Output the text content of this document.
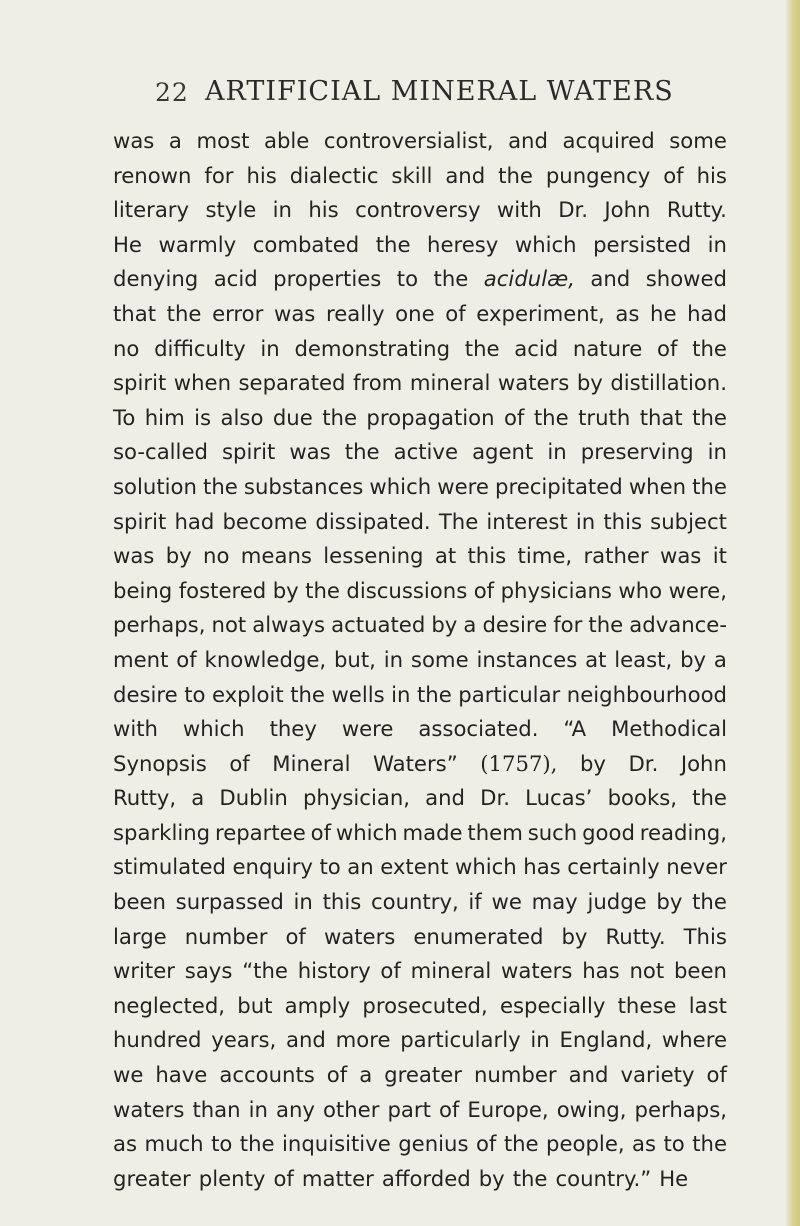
22 ARTIFICIAL MINERAL WATERS
was a most able controversialist, and acquired some
renown for his dialectic skill and the pungency of his
literary style in his controversy with Dr. John Rutty.
He warmly combated the heresy which persisted in
denying acid properties to the acidulæ, and showed
that the error was really one of experiment, as he had
no difficulty in demonstrating the acid nature of the
spirit when separated from mineral waters by distillation.
To him is also due the propagation of the truth that the
so-called spirit was the active agent in preserving in
solution the substances which were precipitated when the
spirit had become dissipated. The interest in this subject
was by no means lessening at this time, rather was it
being fostered by the discussions of physicians who were,
perhaps, not always actuated by a desire for the advance-
ment of knowledge, but, in some instances at least, by a
desire to exploit the wells in the particular neighbourhood
with which they were associated. “A Methodical
Synopsis of Mineral Waters” (1757), by Dr. John
Rutty, a Dublin physician, and Dr. Lucas’ books, the
sparkling repartee of which made them such good reading,
stimulated enquiry to an extent which has certainly never
been surpassed in this country, if we may judge by the
large number of waters enumerated by Rutty. This
writer says “the history of mineral waters has not been
neglected, but amply prosecuted, especially these last
hundred years, and more particularly in England, where
we have accounts of a greater number and variety of
waters than in any other part of Europe, owing, perhaps,
as much to the inquisitive genius of the people, as to the
greater plenty of matter afforded by the country.” He
